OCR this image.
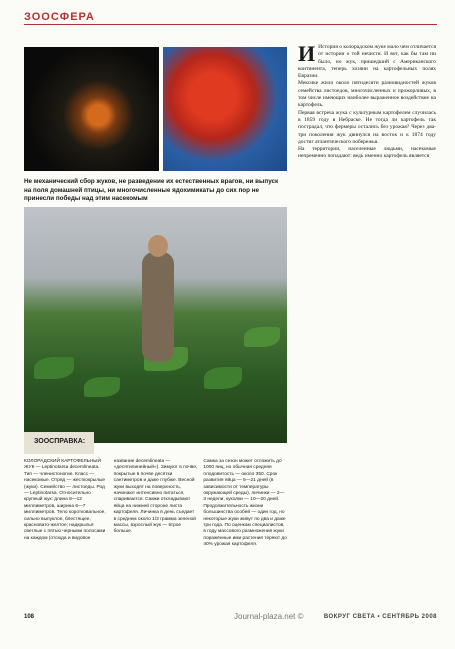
ЗООСФЕРА
Не механический сбор жуков, не разведение их естественных врагов, ни выпуск на поля домашней птицы, ни многочисленные ядохимикаты до сих пор не принесли победы над этим насекомым
ЗООСПРАВКА:
КОЛОРАДСКИЙ КАРТОФЕЛЬНЫЙ ЖУК — Leptinotarsa decemlineata. Тип — членистоногие. Класс — насекомые. Отряд — жесткокрылые (жуки). Семейство — листоеды. Род — Leptinotarsa. Относительно крупный жук: длина 8—12 миллиметров, ширина 6—7 миллиметров. Тело коротковальное, сильно выпуклое, блестящее, красновато-желтое; надкрылья светлые с пятью черными полосами на каждом (отсюда и видовое
название decemlineata — «десятилинейный»). Зимуют в почве, покрытые в почве десятки сантиметров и даже глубже. Весной жуки выходят на поверхность, начинают интенсивно питаться, спариваются. Самки откладывают яйца на нижней стороне листа картофеля. Личинка в день съедает в среднем около 1/3 грамма зеленой массы, взрослый жук — втрое больше.
Самка за сезон может отложить до 1000 яиц, но обычная средняя плодовитость — около 350. Срок развития яйца — 5—21 дней (в зависимости от температуры окружающей среды), личинки — 2—3 недели, куколки — 10—20 дней. Продолжительность жизни большинства особей — один год, но некоторые жуки живут по два и даже три года. По оценкам специалистов, в году массового размножения жуки поражённые ими растения теряют до 40% урожая картофеля.

И История о колорадском жуке мало чем отличается от истории о той нечисти. И вот, как бы там ни было, но жук, пришедший с Американского континента, теперь хозяин на картофельных полях Евразии.

Мексике жило около пятидесяти разновидностей жуков семейства листоедов, многочисленных и прожорливых, в том числе имеющих наиболее выраженное воздействие на картофель.

Первая встреча жука с культурным картофелем случилась в 1859 году в Небраске. Не тогда ли картофель так пострадал, что фермеры остались без урожая? Через два-три поколения жук двинулся на восток и к 1874 году достиг атлантического побережья.

На территории, населенные людьми, насекомые непременно попадают: ведь именно картофель является

108	Journal-plaza.net ©	ВОКРУГ СВЕТА • СЕНТЯБРЬ 2008
